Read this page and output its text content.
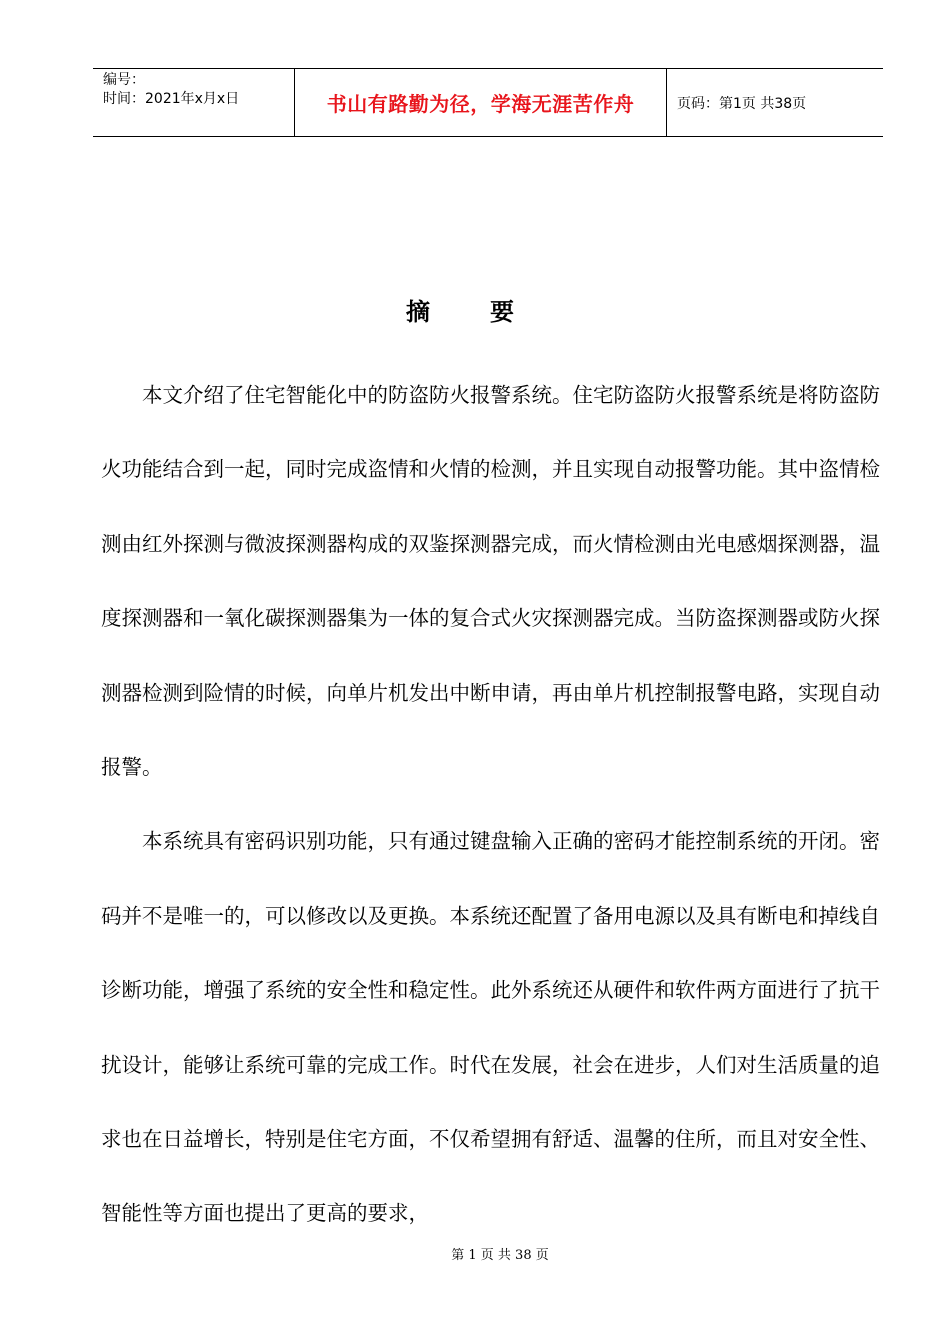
编号：
时间：2021年x月x日	书山有路勤为径，学海无涯苦作舟	页码：第1页 共38页
摘要

本文介绍了住宅智能化中的防盗防火报警系统。住宅防盗防火报警系统是将防盗防火功能结合到一起，同时完成盗情和火情的检测，并且实现自动报警功能。其中盗情检测由红外探测与微波探测器构成的双鉴探测器完成，而火情检测由光电感烟探测器，温度探测器和一氧化碳探测器集为一体的复合式火灾探测器完成。当防盗探测器或防火探测器检测到险情的时候，向单片机发出中断申请，再由单片机控制报警电路，实现自动报警。

本系统具有密码识别功能，只有通过键盘输入正确的密码才能控制系统的开闭。密码并不是唯一的，可以修改以及更换。本系统还配置了备用电源以及具有断电和掉线自诊断功能，增强了系统的安全性和稳定性。此外系统还从硬件和软件两方面进行了抗干扰设计，能够让系统可靠的完成工作。时代在发展，社会在进步，人们对生活质量的追求也在日益增长，特别是住宅方面，不仅希望拥有舒适、温馨的住所，而且对安全性、智能性等方面也提出了更高的要求，

第 1 页 共 38 页
